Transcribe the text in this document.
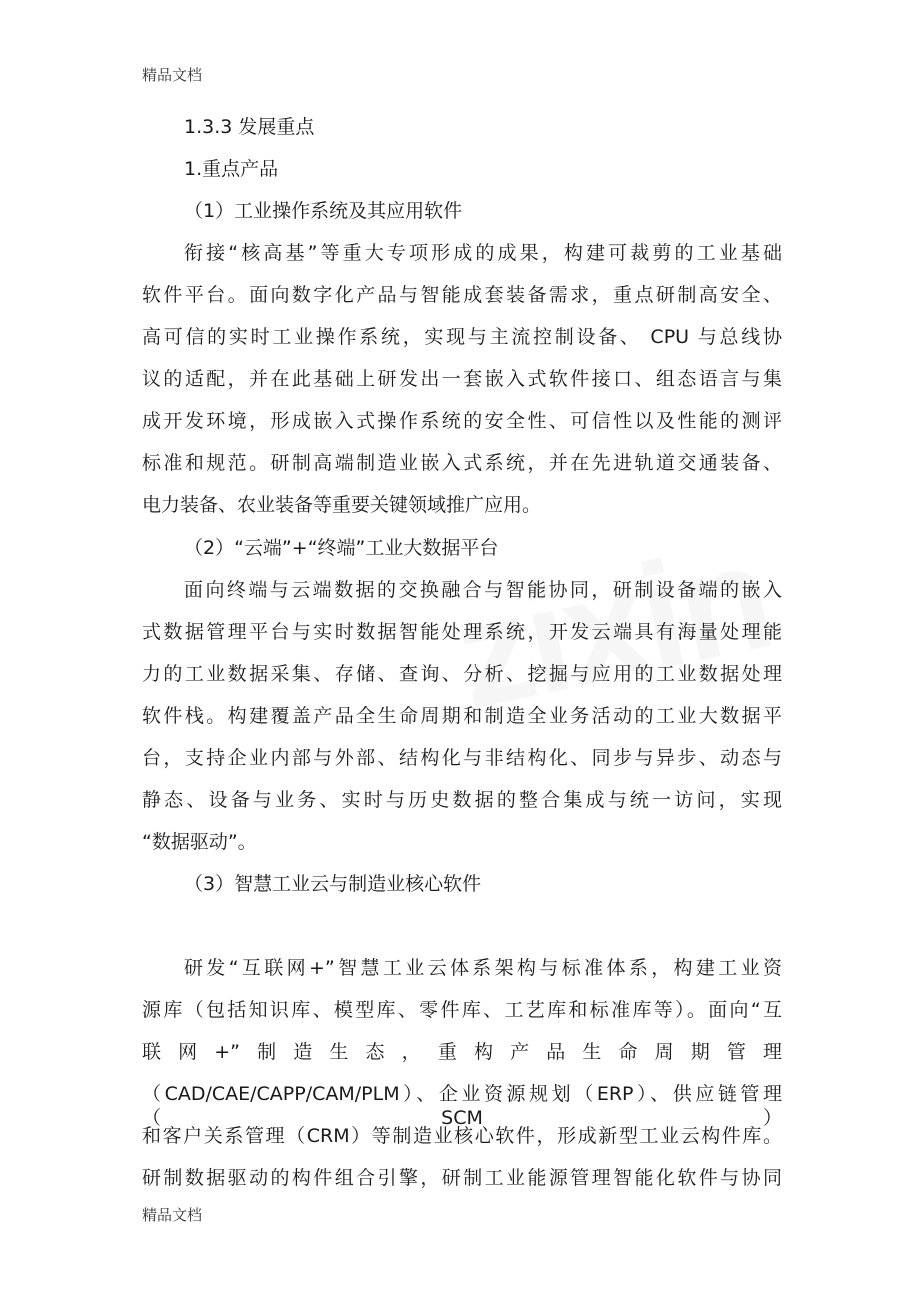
精品文档
1.3.3 发展重点
1.重点产品
（1）工业操作系统及其应用软件
衔接“核高基”等重大专项形成的成果，构建可裁剪的工业基础
软件平台。面向数字化产品与智能成套装备需求，重点研制高安全、
高可信的实时工业操作系统，实现与主流控制设备、 CPU 与总线协
议的适配，并在此基础上研发出一套嵌入式软件接口、组态语言与集
成开发环境，形成嵌入式操作系统的安全性、可信性以及性能的测评
标准和规范。研制高端制造业嵌入式系统，并在先进轨道交通装备、
电力装备、农业装备等重要关键领域推广应用。
（2）“云端”+“终端”工业大数据平台
面向终端与云端数据的交换融合与智能协同，研制设备端的嵌入
式数据管理平台与实时数据智能处理系统，开发云端具有海量处理能
力的工业数据采集、存储、查询、分析、挖掘与应用的工业数据处理
软件栈。构建覆盖产品全生命周期和制造全业务活动的工业大数据平
台，支持企业内部与外部、结构化与非结构化、同步与异步、动态与
静态、设备与业务、实时与历史数据的整合集成与统一访问，实现
“数据驱动”。
（3）智慧工业云与制造业核心软件
研发“互联网+”智慧工业云体系架构与标准体系，构建工业资
源库（包括知识库、模型库、零件库、工艺库和标准库等）。面向“互
联网+”制造生态，重构产品生命周期管理
（CAD/CAE/CAPP/CAM/PLM）、企业资源规划（ERP）、供应链管理（SCM）
和客户关系管理（CRM）等制造业核心软件，形成新型工业云构件库。
研制数据驱动的构件组合引擎，研制工业能源管理智能化软件与协同
精品文档
